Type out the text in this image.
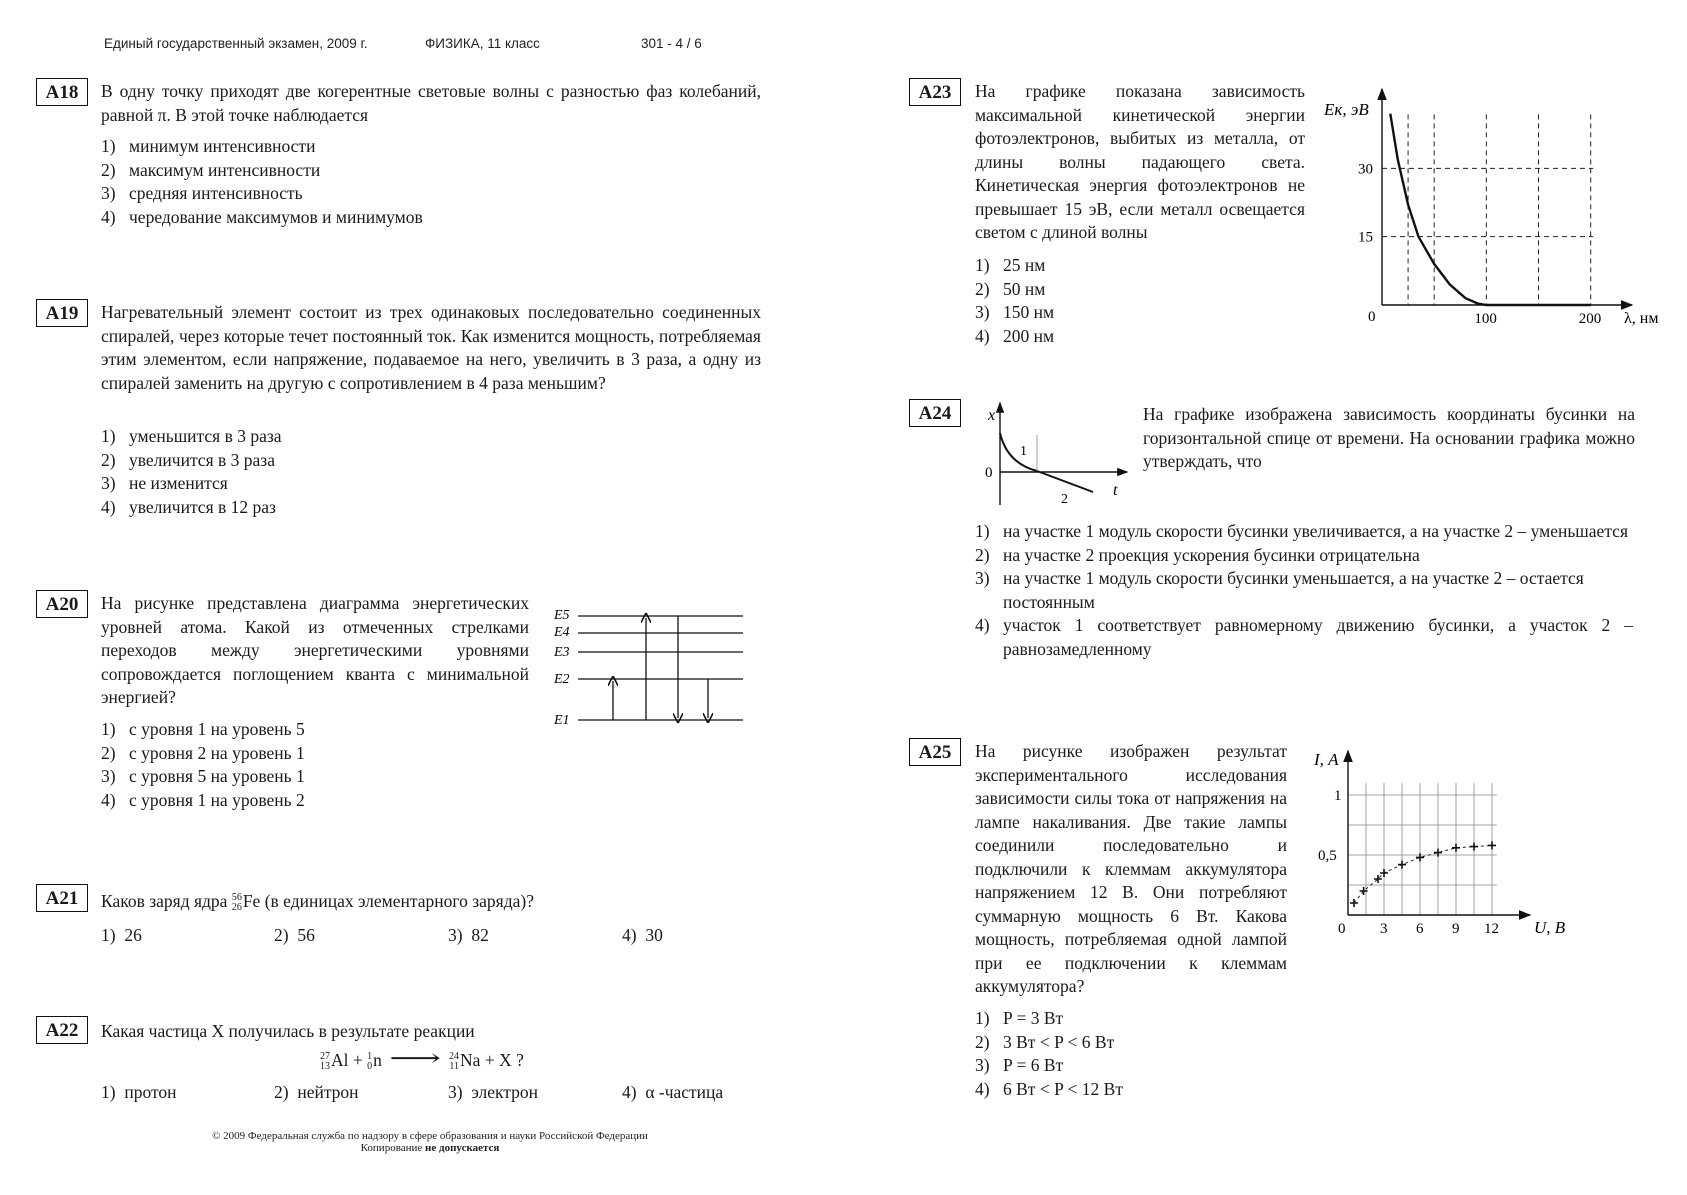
Единый государственный экзамен, 2009 г.	ФИЗИКА, 11 класс	301 - 4 / 6
A18	В одну точку приходят две когерентные световые волны с разностью фаз колебаний, равной π. В этой точке наблюдается
1) минимум интенсивности
2) максимум интенсивности
3) средняя интенсивность
4) чередование максимумов и минимумов
A19	Нагревательный элемент состоит из трех одинаковых последовательно соединенных спиралей, через которые течет постоянный ток. Как изменится мощность, потребляемая этим элементом, если напряжение, подаваемое на него, увеличить в 3 раза, а одну из спиралей заменить на другую с сопротивлением в 4 раза меньшим?
1) уменьшится в 3 раза
2) увеличится в 3 раза
3) не изменится
4) увеличится в 12 раз
A20	На рисунке представлена диаграмма энергетических уровней атома. Какой из отмеченных стрелками переходов между энергетическими уровнями сопровождается поглощением кванта с минимальной энергией?
E5
E4
E3
E2
E1
1) с уровня 1 на уровень 5
2) с уровня 2 на уровень 1
3) с уровня 5 на уровень 1
4) с уровня 1 на уровень 2
A21	Каков заряд ядра 56
26 Fe (в единицах элементарного заряда)?
1) 26	2) 56	3) 82	4) 30
A22	Какая частица X получилась в результате реакции
27
13 Al + 1
0 n ⟶ 24
11 Na + X ?
1) протон	2) нейтрон	3) электрон	4) α -частица
© 2009 Федеральная служба по надзору в сфере образования и науки Российской Федерации
Копирование не допускается
A23	На графике показана зависимость максимальной кинетической энергии фотоэлектронов, выбитых из металла, от длины волны падающего света. Кинетическая энергия фотоэлектронов не превышает 15 эВ, если металл освещается светом с длиной волны
1) 25 нм
2) 50 нм
3) 150 нм
4) 200 нм
0	100	200
15
30
λ, нм
Eк, эВ
A24	x
t
0
1
2
На графике изображена зависимость координаты бусинки на горизонтальной спице от времени. На основании графика можно утверждать, что
1) на участке 1 модуль скорости бусинки увеличивается, а на участке 2 – уменьшается
2) на участке 2 проекция ускорения бусинки отрицательна
3) на участке 1 модуль скорости бусинки уменьшается, а на участке 2 – остается постоянным
4) участок 1 соответствует равномерному движению бусинки, а участок 2 – равнозамедленному
A25	На рисунке изображен результат экспериментального исследования зависимости силы тока от напряжения на лампе накаливания. Две такие лампы соединили последовательно и подключили к клеммам аккумулятора напряжением 12 В. Они потребляют суммарную мощность 6 Вт. Какова мощность, потребляемая одной лампой при ее подключении к клеммам аккумулятора?
0 3 6 9 12
0,5
1
U, В
I, А
1) P = 3 Вт
2) 3 Вт < P < 6 Вт
3) P = 6 Вт
4) 6 Вт < P < 12 Вт
